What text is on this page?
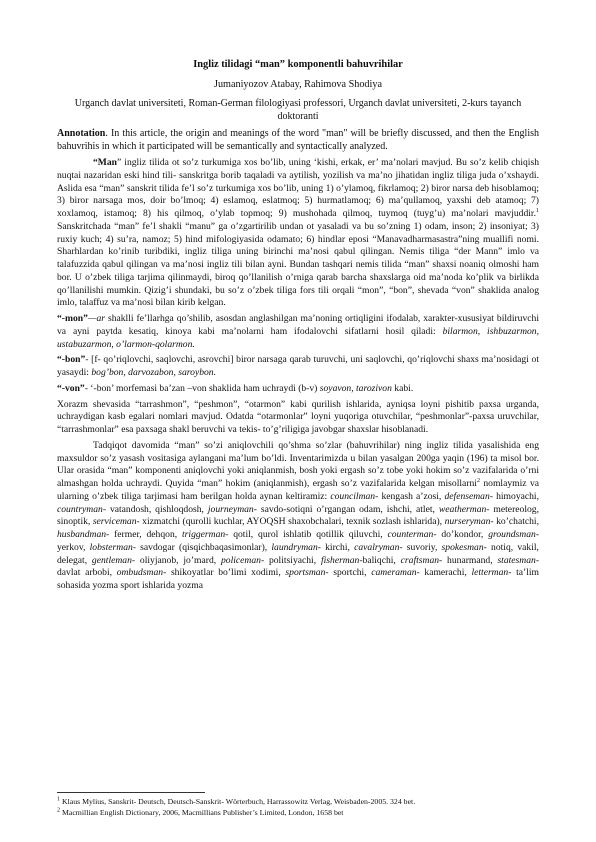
Ingliz tilidagi “man” komponentli bahuvrihilar
Jumaniyozov Atabay, Rahimova Shodiya
Urganch davlat universiteti, Roman-German filologiyasi professori, Urganch davlat universiteti, 2-kurs tayanch doktoranti
Annotation. In this article, the origin and meanings of the word "man" will be briefly discussed, and then the English bahuvrihis in which it participated will be semantically and syntactically analyzed.

“Man” ingliz tilida ot so’z turkumiga xos bo’lib, uning ‘kishi, erkak, er’ ma’nolari mavjud. Bu so’z kelib chiqish nuqtai nazaridan eski hind tili- sanskritga borib taqaladi va aytilish, yozilish va ma’no jihatidan ingliz tiliga juda o’xshaydi. Aslida esa “man” sanskrit tilida fe’l so’z turkumiga xos bo’lib, uning 1) o’ylamoq, fikrlamoq; 2) biror narsa deb hisoblamoq; 3) biror narsaga mos, doir bo’lmoq; 4) eslamoq, eslatmoq; 5) hurmatlamoq; 6) ma’qullamoq, yaxshi deb atamoq; 7) xoxlamoq, istamoq; 8) his qilmoq, o’ylab topmoq; 9) mushohada qilmoq, tuymoq (tuyg’u) ma’nolari mavjuddir.$^1$ Sanskritchada “man” fe’l shakli “manu” ga o’zgartirilib undan ot yasaladi va bu so’zning 1) odam, inson; 2) insoniyat; 3) ruxiy kuch; 4) su’ra, namoz; 5) hind mifologiyasida odamato; 6) hindlar eposi “Manavadharmasastra”ning muallifi nomi. Sharhlardan ko’rinib turibdiki, ingliz tiliga uning birinchi ma’nosi qabul qilingan. Nemis tiliga “der Mann” imlo va talafuzzida qabul qilingan va ma’nosi ingliz tili bilan ayni. Bundan tashqari nemis tilida “man” shaxsi noaniq olmoshi ham bor. U o’zbek tiliga tarjima qilinmaydi, biroq qo’llanilish o’rniga qarab barcha shaxslarga oid ma’noda ko’plik va birlikda qo’llanilishi mumkin. Qizig’i shundaki, bu so’z o’zbek tiliga fors tili orqali “mon”, “bon”, shevada “von” shaklida analog imlo, talaffuz va ma’nosi bilan kirib kelgan.

“-mon”—ar shaklli fe’llarhga qo’shilib, asosdan anglashilgan ma’noning ortiqligini ifodalab, xarakter-xususiyat bildiruvchi va ayni paytda kesatiq, kinoya kabi ma’nolarni ham ifodalovchi sifatlarni hosil qiladi: bilarmon, ishbuzarmon, ustabuzarmon, o’larmon-qolarmon.

“-bon”- [f- qo’riqlovchi, saqlovchi, asrovchi] biror narsaga qarab turuvchi, uni saqlovchi, qo’riqlovchi shaxs ma’nosidagi ot yasaydi: bog’bon, darvozabon, saroybon.

“-von”- ‘-bon’ morfemasi ba’zan –von shaklida ham uchraydi (b-v) soyavon, tarozivon kabi.

Xorazm shevasida “tarrashmon”, “peshmon”, “otarmon” kabi qurilish ishlarida, ayniqsa loyni pishitib paxsa urganda, uchraydigan kasb egalari nomlari mavjud. Odatda “otarmonlar” loyni yuqoriga otuvchilar, “peshmonlar”-paxsa uruvchilar, “tarrashmonlar” esa paxsaga shakl beruvchi va tekis- to’g’riligiga javobgar shaxslar hisoblanadi.

Tadqiqot davomida “man” so’zi aniqlovchili qo’shma so’zlar (bahuvrihilar) ning ingliz tilida yasalishida eng maxsuldor so’z yasash vositasiga aylangani ma’lum bo’ldi. Inventarimizda u bilan yasalgan 200ga yaqin (196) ta misol bor. Ular orasida “man” komponenti aniqlovchi yoki aniqlanmish, bosh yoki ergash so’z tobe yoki hokim so’z vazifalarida o’rni almashgan holda uchraydi. Quyida “man” hokim (aniqlanmish), ergash so’z vazifalarida kelgan misollarni$^2$ nomlaymiz va ularning o’zbek tiliga tarjimasi ham berilgan holda aynan keltiramiz: councilman- kengash a’zosi, defenseman- himoyachi, countryman- vatandosh, qishloqdosh, journeyman- savdo-sotiqni o’rgangan odam, ishchi, atlet, weatherman- metereolog, sinoptik, serviceman- xizmatchi (qurolli kuchlar, AYOQSH shaxobchalari, texnik sozlash ishlarida), nurseryman- ko’chatchi, husbandman- fermer, dehqon, triggerman- qotil, qurol ishlatib qotillik qiluvchi, counterman- do’kondor, groundsman-yerkov, lobsterman- savdogar (qisqichbaqasimonlar), laundryman- kirchi, cavalryman- suvoriy, spokesman- notiq, vakil, delegat, gentleman- oliyjanob, jo’mard, policeman- politsiyachi, fisherman-baliqchi, craftsman- hunarmand, statesman- davlat arbobi, ombudsman- shikoyatlar bo’limi xodimi, sportsman- sportchi, cameraman- kamerachi, letterman- ta’lim sohasida yozma sport ishlarida yozma

$^1$ Klaus Mylius, Sanskrit- Deutsch, Deutsch-Sanskrit- Wörterbuch, Harrassowitz Verlag, Weisbaden-2005. 324 bet.
$^2$ Macmillian English Dictionary, 2006, Macmillians Publisher’s Limited, London, 1658 bet
